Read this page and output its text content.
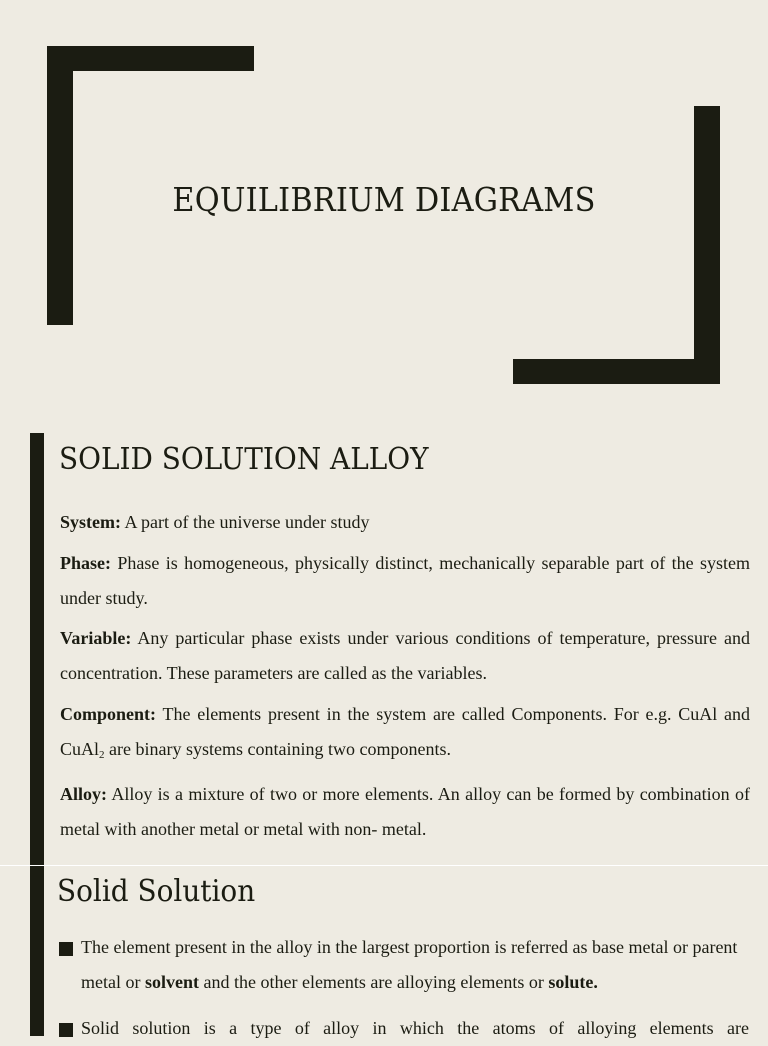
EQUILIBRIUM DIAGRAMS
SOLID SOLUTION ALLOY
System: A part of the universe under study
Phase: Phase is homogeneous, physically distinct, mechanically separable part of the system under study.
Variable: Any particular phase exists under various conditions of temperature, pressure and concentration. These parameters are called as the variables.
Component: The elements present in the system are called Components. For e.g. CuAl and CuAl$_2$ are binary systems containing two components.
Alloy: Alloy is a mixture of two or more elements. An alloy can be formed by combination of metal with another metal or metal with non- metal.
Solid Solution
The element present in the alloy in the largest proportion is referred as base metal or parent metal or solvent and the other elements are alloying elements or solute.
Solid solution is a type of alloy in which the atoms of alloying elements are
